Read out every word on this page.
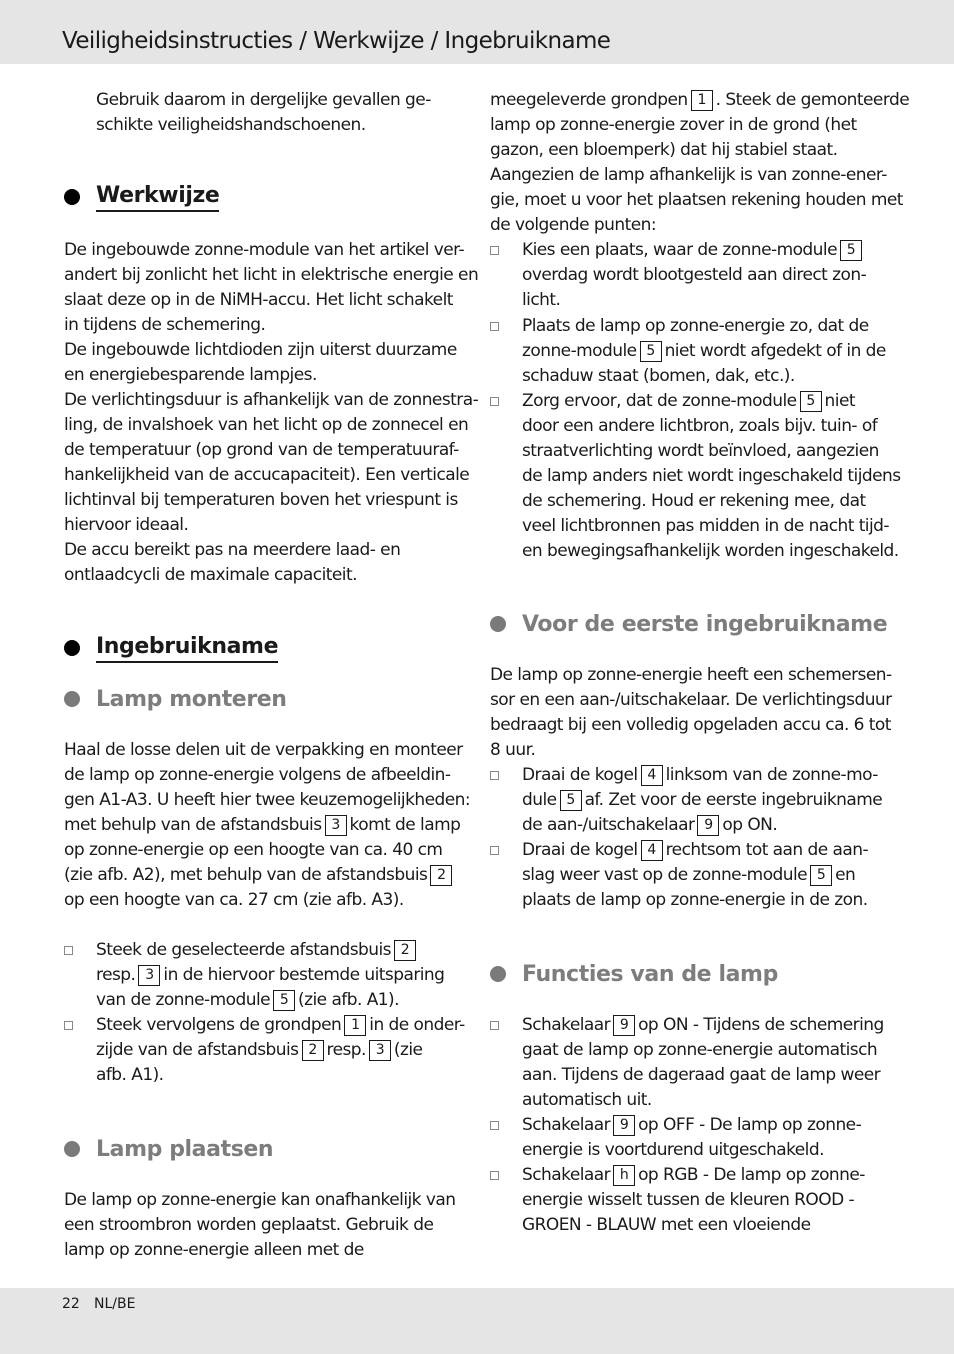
Veiligheidsinstructies / Werkwijze / Ingebruikname

Gebruik daarom in dergelijke gevallen ge-

schikte veiligheidshandschoenen.

Werkwijze

De ingebouwde zonne-module van het artikel ver-

andert bij zonlicht het licht in elektrische energie en

slaat deze op in de NiMH-accu. Het licht schakelt

in tijdens de schemering.

De ingebouwde lichtdioden zijn uiterst duurzame

en energiebesparende lampjes.

De verlichtingsduur is afhankelijk van de zonnestra-

ling, de invalshoek van het licht op de zonnecel en

de temperatuur (op grond van de temperatuuraf-

hankelijkheid van de accucapaciteit). Een verticale

lichtinval bij temperaturen boven het vriespunt is

hiervoor ideaal.

De accu bereikt pas na meerdere laad- en

ontlaadcycli de maximale capaciteit.

Ingebruikname
Lamp monteren

Haal de losse delen uit de verpakking en monteer

de lamp op zonne-energie volgens de afbeeldin-

gen A1-A3. U heeft hier twee keuzemogelijkheden:

met behulp van de afstandsbuis 3 komt de lamp

op zonne-energie op een hoogte van ca. 40 cm

(zie afb. A2), met behulp van de afstandsbuis 2

op een hoogte van ca. 27 cm (zie afb. A3).

Steek de geselecteerde afstandsbuis 2

resp. 3 in de hiervoor bestemde uitsparing

van de zonne-module 5 (zie afb. A1).

Steek vervolgens de grondpen 1 in de onder-

zijde van de afstandsbuis 2 resp. 3 (zie

afb. A1).

Lamp plaatsen

De lamp op zonne-energie kan onafhankelijk van

een stroombron worden geplaatst. Gebruik de

lamp op zonne-energie alleen met de

meegeleverde grondpen 1 . Steek de gemonteerde

lamp op zonne-energie zover in de grond (het

gazon, een bloemperk) dat hij stabiel staat.

Aangezien de lamp afhankelijk is van zonne-ener-

gie, moet u voor het plaatsen rekening houden met

de volgende punten:

Kies een plaats, waar de zonne-module 5

overdag wordt blootgesteld aan direct zon-

licht.

Plaats de lamp op zonne-energie zo, dat de

zonne-module 5 niet wordt afgedekt of in de

schaduw staat (bomen, dak, etc.).

Zorg ervoor, dat de zonne-module 5 niet

door een andere lichtbron, zoals bijv. tuin- of

straatverlichting wordt beïnvloed, aangezien

de lamp anders niet wordt ingeschakeld tijdens

de schemering. Houd er rekening mee, dat

veel lichtbronnen pas midden in de nacht tijd-

en bewegingsafhankelijk worden ingeschakeld.

Voor de eerste ingebruikname

De lamp op zonne-energie heeft een schemersen-

sor en een aan-/uitschakelaar. De verlichtingsduur

bedraagt bij een volledig opgeladen accu ca. 6 tot

8 uur.

Draai de kogel 4 linksom van de zonne-mo-

dule 5 af. Zet voor de eerste ingebruikname

de aan-/uitschakelaar 9 op ON.

Draai de kogel 4 rechtsom tot aan de aan-

slag weer vast op de zonne-module 5 en

plaats de lamp op zonne-energie in de zon.

Functies van de lamp

Schakelaar 9 op ON - Tijdens de schemering

gaat de lamp op zonne-energie automatisch

aan. Tijdens de dageraad gaat de lamp weer

automatisch uit.

Schakelaar 9 op OFF - De lamp op zonne-

energie is voortdurend uitgeschakeld.

Schakelaar h op RGB - De lamp op zonne-

energie wisselt tussen de kleuren ROOD -

GROEN - BLAUW met een vloeiende

22 NL/BE
